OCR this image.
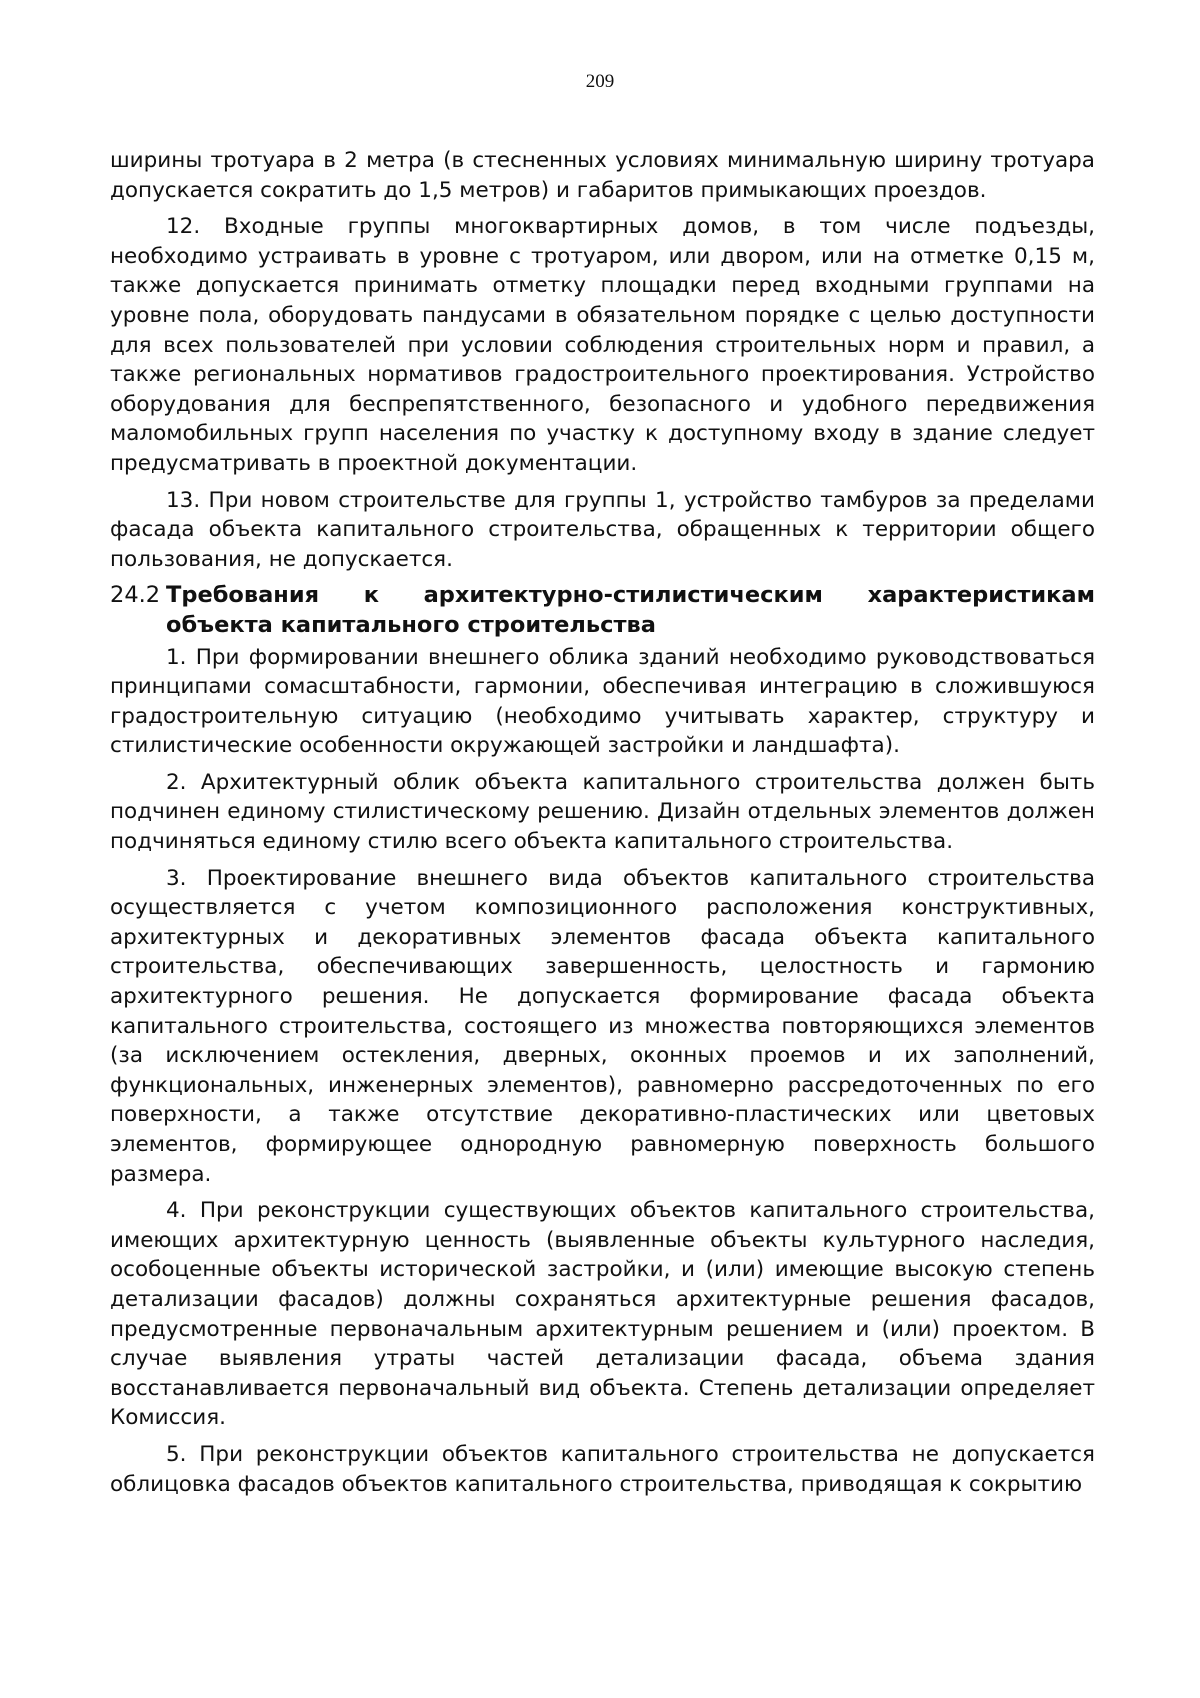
209

ширины тротуара в 2 метра (в стесненных условиях минимальную ширину тротуара допускается сократить до 1,5 метров) и габаритов примыкающих проездов.

12. Входные группы многоквартирных домов, в том числе подъезды, необходимо устраивать в уровне с тротуаром, или двором, или на отметке 0,15 м, также допускается принимать отметку площадки перед входными группами на уровне пола, оборудовать пандусами в обязательном порядке с целью доступности для всех пользователей при условии соблюдения строительных норм и правил, а также региональных нормативов градостроительного проектирования. Устройство оборудования для беспрепятственного, безопасного и удобного передвижения маломобильных групп населения по участку к доступному входу в здание следует предусматривать в проектной документации.

13. При новом строительстве для группы 1, устройство тамбуров за пределами фасада объекта капитального строительства, обращенных к территории общего пользования, не допускается.

24.2 Требования к архитектурно-стилистическим характеристикам объекта капитального строительства

1. При формировании внешнего облика зданий необходимо руководствоваться принципами сомасштабности, гармонии, обеспечивая интеграцию в сложившуюся градостроительную ситуацию (необходимо учитывать характер, структуру и стилистические особенности окружающей застройки и ландшафта).

2. Архитектурный облик объекта капитального строительства должен быть подчинен единому стилистическому решению. Дизайн отдельных элементов должен подчиняться единому стилю всего объекта капитального строительства.

3. Проектирование внешнего вида объектов капитального строительства осуществляется с учетом композиционного расположения конструктивных, архитектурных и декоративных элементов фасада объекта капитального строительства, обеспечивающих завершенность, целостность и гармонию архитектурного решения. Не допускается формирование фасада объекта капитального строительства, состоящего из множества повторяющихся элементов (за исключением остекления, дверных, оконных проемов и их заполнений, функциональных, инженерных элементов), равномерно рассредоточенных по его поверхности, а также отсутствие декоративно-пластических или цветовых элементов, формирующее однородную равномерную поверхность большого размера.

4. При реконструкции существующих объектов капитального строительства, имеющих архитектурную ценность (выявленные объекты культурного наследия, особоценные объекты исторической застройки, и (или) имеющие высокую степень детализации фасадов) должны сохраняться архитектурные решения фасадов, предусмотренные первоначальным архитектурным решением и (или) проектом. В случае выявления утраты частей детализации фасада, объема здания восстанавливается первоначальный вид объекта. Степень детализации определяет Комиссия.

5. При реконструкции объектов капитального строительства не допускается облицовка фасадов объектов капитального строительства, приводящая к сокрытию
